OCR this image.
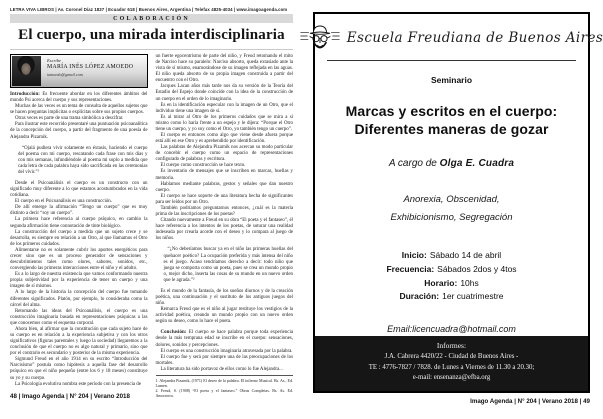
LETRA VIVA LIBROS | Av. Coronel Díaz 1837 | Ecuador 618 | Buenos Aires, Argentina | Telefax 4825-4034 | www.imagoagenda.com
COLABORACIÓN
El cuerpo, una mirada interdisciplinaria
Escribe
MARÍA INÉS LÓPEZ AMOEDO
iamoedo@gmail.com

Introducción: Es frecuente abordar en los diferentes ámbitos del mundo Psi acerca del cuerpo y sus representaciones.

Muchas de las veces es un tema de consulta de aquellos sujetos que se hacen preguntas implícitas o explícitas sobre sus propios cuerpos.

Otras veces es parte de una trama simbólica a descifrar.

Para ilustrar este recorrido presentaré una puntuación psicoanalítica de la concepción del cuerpo, a partir del fragmento de una poesía de Alejandra Pizarnik.

“Ojalá pudiera vivir solamente en éxtasis, haciendo el cuerpo del poema con mi cuerpo, rescatando cada frase con mis días y con mis semanas, infundiéndole al poema mi soplo a medida que cada letra de cada palabra haya sido sacrificada en las ceremonias del vivir.”¹

Desde el Psicoanálisis el cuerpo es un constructo con un significado muy diferente a lo que estamos acostumbrados en la vida cotidiana.

El cuerpo en el Psicoanálisis es una construcción.

De allí emerge la afirmación “Tengo un cuerpo” que es muy distinto a decir “soy un cuerpo”.

La primera hace referencia al cuerpo psíquico, en cambio la segunda afirmación tiene connotación de tinte biológico.

La construcción del cuerpo a medida que un sujeto crece y se desarrolla, es siempre en relación a un Otro, al que llamamos el Otro de los primeros cuidados.

Alimentarse no es solamente cubrir los aportes energéticos para crecer sino que es un proceso generador de sensaciones y descubrimientos tales como olores, sabores, sonidos, etc., convergiendo las primeras interacciones entre el niño y el adulto.

Es a lo largo de nuestra existencia que vamos conformando nuestra propia subjetividad por la experiencia de tener un cuerpo y una imagen de sí mismos.

A lo largo de la historia la concepción del cuerpo fue tomando diferentes significados. Platón, por ejemplo, lo consideraba como la cárcel del alma.

Retomando las ideas del Psicoanálisis, el cuerpo es una construcción imaginaria basada en representaciones psíquicas a las que conocemos como el esquema corporal.

Ahora bien, al afirmar que la constitución que cada sujeto hace de su cuerpo es en relación a la experiencia subjetiva y con los otros significativos (figuras parentales y luego la sociedad) llegaremos a la conclusión de que el cuerpo no es algo natural y primario, sino que por el contrario es secundario y posterior de la misma experiencia.

Sigmund Freud en el año 1914 en su escrito “Introducción del Narcisismo” postula como hipótesis a aquella fase del desarrollo psíquico en que el niño pequeño (entre los 6 y 18 meses) constituye su yo y su cuerpo.

La Psicología evolutiva nombra este período con la presencia de

un fuerte egocentrismo de parte del niño, y Freud retomando el mito de Narciso hace su paralelo: Narciso absorto, queda extasiado ante la vista de sí mismo, enamorándose de su imagen reflejada en las aguas. El niño queda absorto de su propia imagen construida a partir del encuentro con el Otro.

Jacques Lacan años más tarde nos da su versión de la Teoría del Estadio del Espejo donde coincide con la idea de la construcción de un cuerpo en el orden de lo imaginario.

Es en la identificación especular con la imagen de un Otro, que el individuo tiene una imagen de sí.

Es al mirar al Otro de los primeros cuidados que se mira a sí mismo como lo haría frente a un espejo y le dijera: “Porque el Otro tiene un cuerpo, y yo soy como el Otro, yo también tengo un cuerpo”.

El cuerpo es entonces como algo que viene desde afuera porque está allí en ese Otro y es aprehendido por identificación.

Las palabras de Alejandra Pizarnik nos acercan su modo particular de concebir el cuerpo como un espacio de representaciones configurado de palabras y escritura.

El cuerpo como construcción se hace texto.

Es inventario de mensajes que se inscriben en marcas, huellas y memoria.

Hablamos mediante palabras, gestos y señales que dan nuestro cuerpo.

El cuerpo se hace soporte de una literatura hecha de significantes para ser leídos por un Otro.

También podríamos preguntarnos entonces, ¿cuál es la materia prima de las inscripciones de los poetas?

Citando nuevamente a Freud en su obra “El poeta y el fantaseo”, él hace referencia a los intentos de los poetas, de suturar una realidad indeseada por crearla acorde con el deseo y lo compara al juego de los niños.

“¿No deberíamos buscar ya en el niño las primeras huellas del quehacer poético? La ocupación preferida y más intensa del niño es el juego. Acaso tendríamos derecho a decir: todo niño que juega se comporta como un poeta, pues se crea un mundo propio o, mejor dicho, inserta las cosas de su mundo en un nuevo orden que le agrada.”²

Es el mundo de la fantasía, de los sueños diurnos y de la creación poética, una continuación y el sustituto de los antiguos juegos del niño.

Remarca Freud que es el niño al jugar restituye los vestigios de la actividad poética, creando un mundo propio con un nuevo orden según su deseo, como lo hace el poeta.

Conclusión: El cuerpo se hace palabra porque toda experiencia desde la más temprana edad se inscribe en el cuerpo: sensaciones, dolores, sonidos y percepciones.

El cuerpo es una construcción imaginaria atravesada por la palabra.

El cuerpo fue y será por siempre una de las preocupaciones de los mortales.

La literatura ha sido portavoz de ellos como lo fue Alejandra...

1. Alejandra Pizarnik, (1971) El deseo de la palabra. El infierno Musical. Bs. As., Ed. Lumen.

2. Freud, S. (1908) “El poeta y el fantaseo.” Obras Completas. Bs. As. Ed. Amorrortu.

48 | Imago Agenda | N° 204 | Verano 2018
Escuela Freudiana de Buenos Aires
Seminario
Marcas y escritos en el cuerpo:
Diferentes maneras de gozar
A cargo de Olga E. Cuadra
Anorexia, Obscenidad,
Exhibicionismo, Segregación
Inicio: Sábado 14 de abril
Frecuencia: Sábados 2dos y 4tos
Horario: 10hs
Duración: 1er cuatrimestre
Email:licencuadra@hotmail.com
Informes:
J.A. Cabrera 4420/22 - Ciudad de Buenos Aires -
TE : 4776-7827 / 7828. de Lunes a Viernes de 11.30 a 20.30;
e-mail: ensenanza@efba.org
Imago Agenda | N° 204 | Verano 2018 | 49
